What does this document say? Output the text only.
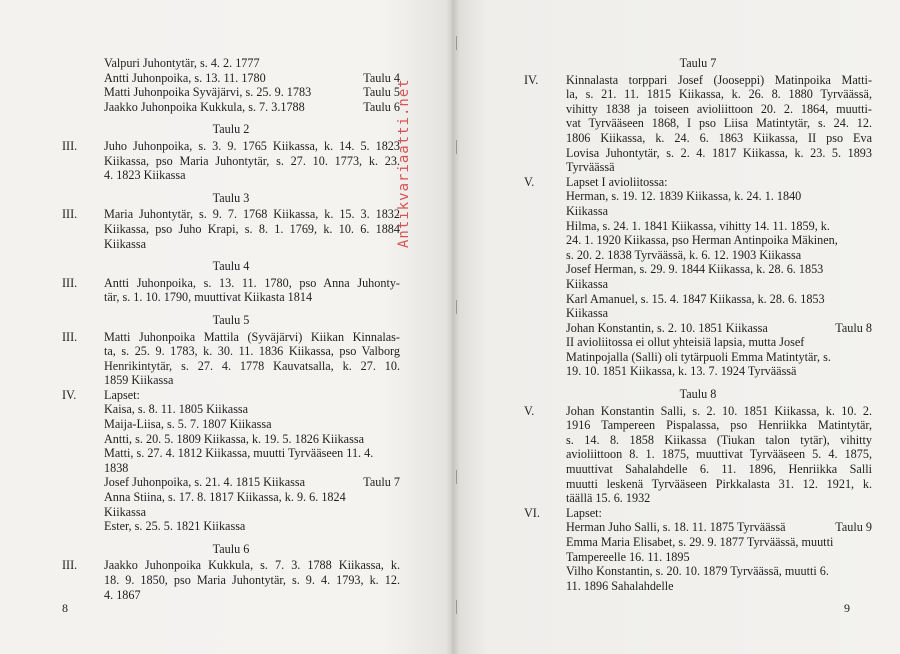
Valpuri Juhontytär, s. 4. 2. 1777
Antti Juhonpoika, s. 13. 11. 1780	Taulu 4
Matti Juhonpoika Syväjärvi, s. 25. 9. 1783	Taulu 5
Jaakko Juhonpoika Kukkula, s. 7. 3.1788	Taulu 6
Taulu 2
III.	Juho Juhonpoika, s. 3. 9. 1765 Kiikassa, k. 14. 5. 1823
Kiikassa, pso Maria Juhontytär, s. 27. 10. 1773, k. 23.
4. 1823 Kiikassa
Taulu 3
III.	Maria Juhontytär, s. 9. 7. 1768 Kiikassa, k. 15. 3. 1832
Kiikassa, pso Juho Krapi, s. 8. 1. 1769, k. 10. 6. 1884
Kiikassa
Taulu 4
III.	Antti Juhonpoika, s. 13. 11. 1780, pso Anna Juhonty-
tär, s. 1. 10. 1790, muuttivat Kiikasta 1814
Taulu 5
III.	Matti Juhonpoika Mattila (Syväjärvi) Kiikan Kinnalas-
ta, s. 25. 9. 1783, k. 30. 11. 1836 Kiikassa, pso Valborg
Henrikintytär, s. 27. 4. 1778 Kauvatsalla, k. 27. 10.
1859 Kiikassa
IV.	Lapset:
Kaisa, s. 8. 11. 1805 Kiikassa
Maija-Liisa, s. 5. 7. 1807 Kiikassa
Antti, s. 20. 5. 1809 Kiikassa, k. 19. 5. 1826 Kiikassa
Matti, s. 27. 4. 1812 Kiikassa, muutti Tyrvääseen 11. 4.
1838
Josef Juhonpoika, s. 21. 4. 1815 Kiikassa	Taulu 7
Anna Stiina, s. 17. 8. 1817 Kiikassa, k. 9. 6. 1824
Kiikassa
Ester, s. 25. 5. 1821 Kiikassa
Taulu 6
III.	Jaakko Juhonpoika Kukkula, s. 7. 3. 1788 Kiikassa, k.
18. 9. 1850, pso Maria Juhontytär, s. 9. 4. 1793, k. 12.
4. 1867
8
Antikvariaatti.net
Taulu 7
IV.	Kinnalasta torppari Josef (Jooseppi) Matinpoika Matti-
la, s. 21. 11. 1815 Kiikassa, k. 26. 8. 1880 Tyrväässä,
vihitty 1838 ja toiseen avioliittoon 20. 2. 1864, muutti-
vat Tyrvääseen 1868, I pso Liisa Matintytär, s. 24. 12.
1806 Kiikassa, k. 24. 6. 1863 Kiikassa, II pso Eva
Lovisa Juhontytär, s. 2. 4. 1817 Kiikassa, k. 23. 5. 1893
Tyrväässä
V.	Lapset I avioliitossa:
Herman, s. 19. 12. 1839 Kiikassa, k. 24. 1. 1840
Kiikassa
Hilma, s. 24. 1. 1841 Kiikassa, vihitty 14. 11. 1859, k.
24. 1. 1920 Kiikassa, pso Herman Antinpoika Mäkinen,
s. 20. 2. 1838 Tyrväässä, k. 6. 12. 1903 Kiikassa
Josef Herman, s. 29. 9. 1844 Kiikassa, k. 28. 6. 1853
Kiikassa
Karl Amanuel, s. 15. 4. 1847 Kiikassa, k. 28. 6. 1853
Kiikassa
Johan Konstantin, s. 2. 10. 1851 Kiikassa	Taulu 8
II avioliitossa ei ollut yhteisiä lapsia, mutta Josef
Matinpojalla (Salli) oli tytärpuoli Emma Matintytär, s.
19. 10. 1851 Kiikassa, k. 13. 7. 1924 Tyrväässä
Taulu 8
V.	Johan Konstantin Salli, s. 2. 10. 1851 Kiikassa, k. 10. 2.
1916 Tampereen Pispalassa, pso Henriikka Matintytär,
s. 14. 8. 1858 Kiikassa (Tiukan talon tytär), vihitty
avioliittoon 8. 1. 1875, muuttivat Tyrvääseen 5. 4. 1875,
muuttivat Sahalahdelle 6. 11. 1896, Henriikka Salli
muutti leskenä Tyrvääseen Pirkkalasta 31. 12. 1921, k.
täällä 15. 6. 1932
VI.	Lapset:
Herman Juho Salli, s. 18. 11. 1875 Tyrväässä	Taulu 9
Emma Maria Elisabet, s. 29. 9. 1877 Tyrväässä, muutti
Tampereelle 16. 11. 1895
Vilho Konstantin, s. 20. 10. 1879 Tyrväässä, muutti 6.
11. 1896 Sahalahdelle
9
